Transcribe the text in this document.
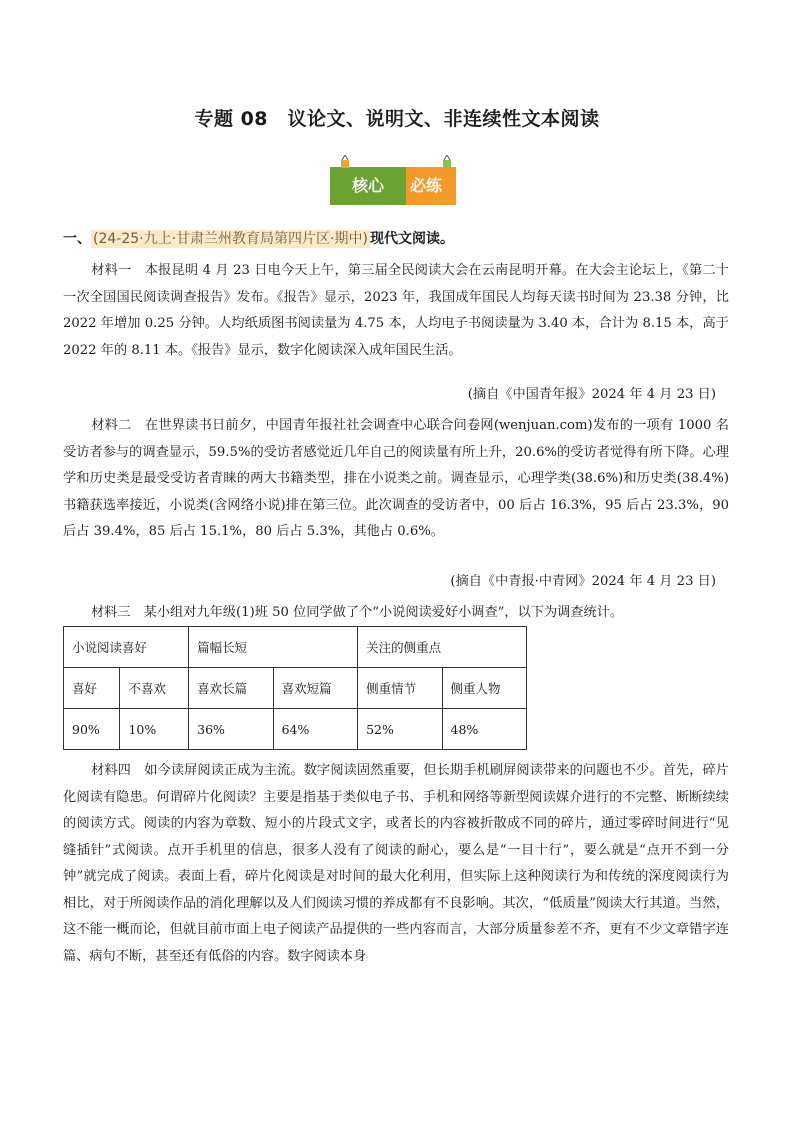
专题 08　议论文、说明文、非连续性文本阅读
核心 必练
一、 (24-25·九上·甘肃兰州教育局第四片区·期中) 现代文阅读。
材料一　本报昆明 4 月 23 日电今天上午，第三届全民阅读大会在云南昆明开幕。在大会主论坛上，《第二十一次全国国民阅读调查报告》发布。《报告》显示，2023 年，我国成年国民人均每天读书时间为 23.38 分钟，比 2022 年增加 0.25 分钟。人均纸质图书阅读量为 4.75 本，人均电子书阅读量为 3.40 本，合计为 8.15 本，高于 2022 年的 8.11 本。《报告》显示，数字化阅读深入成年国民生活。
(摘自《中国青年报》2024 年 4 月 23 日)
材料二　在世界读书日前夕，中国青年报社社会调查中心联合问卷网(wenjuan.com)发布的一项有 1000 名受访者参与的调查显示，59.5%的受访者感觉近几年自己的阅读量有所上升，20.6%的受访者觉得有所下降。心理学和历史类是最受受访者青睐的两大书籍类型，排在小说类之前。调查显示，心理学类(38.6%)和历史类(38.4%)书籍获选率接近，小说类(含网络小说)排在第三位。此次调查的受访者中，00 后占 16.3%，95 后占 23.3%，90 后占 39.4%，85 后占 15.1%，80 后占 5.3%，其他占 0.6%。
(摘自《中青报·中青网》2024 年 4 月 23 日)
材料三　某小组对九年级(1)班 50 位同学做了个“小说阅读爱好小调查”，以下为调查统计。
小说阅读喜好		篇幅长短		关注的侧重点	
喜好	不喜欢	喜欢长篇	喜欢短篇	侧重情节	侧重人物
90%	10%	36%	64%	52%	48%
材料四　如今读屏阅读正成为主流。数字阅读固然重要，但长期手机刷屏阅读带来的问题也不少。首先，碎片化阅读有隐患。何谓碎片化阅读？主要是指基于类似电子书、手机和网络等新型阅读媒介进行的不完整、断断续续的阅读方式。阅读的内容为章数、短小的片段式文字，或者长的内容被折散成不同的碎片，通过零碎时间进行“见缝插针”式阅读。点开手机里的信息，很多人没有了阅读的耐心，要么是“一目十行”，要么就是“点开不到一分钟”就完成了阅读。表面上看，碎片化阅读是对时间的最大化利用，但实际上这种阅读行为和传统的深度阅读行为相比，对于所阅读作品的消化理解以及人们阅读习惯的养成都有不良影响。其次，“低质量”阅读大行其道。当然，这不能一概而论，但就目前市面上电子阅读产品提供的一些内容而言，大部分质量参差不齐，更有不少文章错字连篇、病句不断，甚至还有低俗的内容。数字阅读本身
